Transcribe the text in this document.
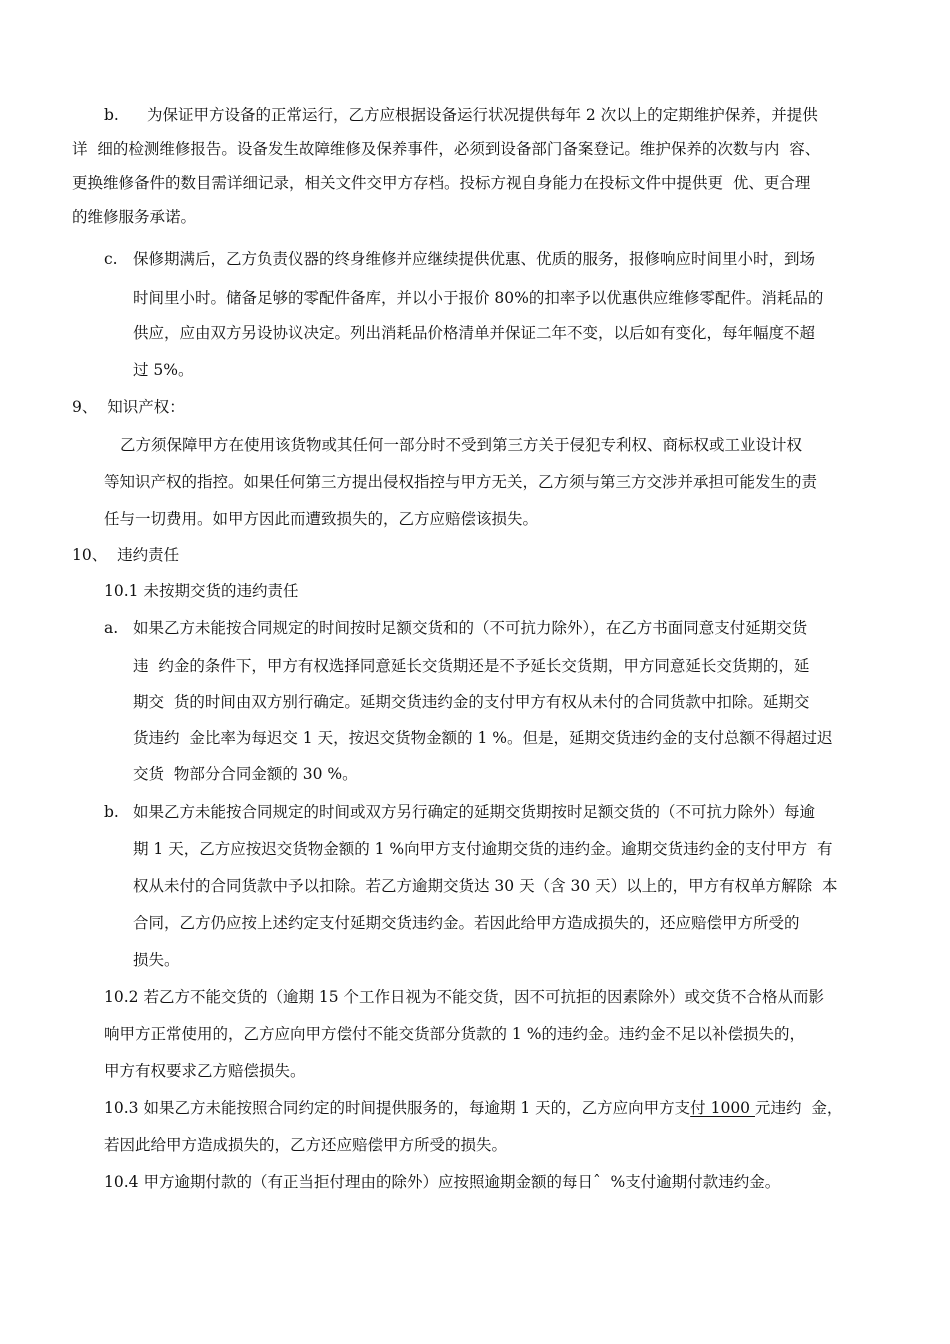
b. 为保证甲方设备的正常运行，乙方应根据设备运行状况提供每年 2 次以上的定期维护保养，并提供
详  细的检测维修报告。设备发生故障维修及保养事件，必须到设备部门备案登记。维护保养的次数与内  容、
更换维修备件的数目需详细记录，相关文件交甲方存档。投标方视自身能力在投标文件中提供更  优、更合理
的维修服务承诺。
c. 保修期满后，乙方负责仪器的终身维修并应继续提供优惠、优质的服务，报修响应时间里小时，到场
时间里小时。储备足够的零配件备库，并以小于报价 80%的扣率予以优惠供应维修零配件。消耗品的
供应，应由双方另设协议决定。列出消耗品价格清单并保证二年不变，以后如有变化，每年幅度不超
过 5%。
9、  知识产权：
乙方须保障甲方在使用该货物或其任何一部分时不受到第三方关于侵犯专利权、商标权或工业设计权
等知识产权的指控。如果任何第三方提出侵权指控与甲方无关，乙方须与第三方交涉并承担可能发生的责
任与一切费用。如甲方因此而遭致损失的，乙方应赔偿该损失。
10、  违约责任
10.1 未按期交货的违约责任
a. 如果乙方未能按合同规定的时间按时足额交货和的（不可抗力除外），在乙方书面同意支付延期交货
违  约金的条件下，甲方有权选择同意延长交货期还是不予延长交货期，甲方同意延长交货期的，延
期交  货的时间由双方别行确定。延期交货违约金的支付甲方有权从未付的合同货款中扣除。延期交
货违约  金比率为每迟交 1 天，按迟交货物金额的 1 %。但是，延期交货违约金的支付总额不得超过迟
交货  物部分合同金额的 30 %。
b. 如果乙方未能按合同规定的时间或双方另行确定的延期交货期按时足额交货的（不可抗力除外）每逾
期 1 天，乙方应按迟交货物金额的 1 %向甲方支付逾期交货的违约金。逾期交货违约金的支付甲方  有
权从未付的合同货款中予以扣除。若乙方逾期交货达 30 天（含 30 天）以上的，甲方有权单方解除  本
合同，乙方仍应按上述约定支付延期交货违约金。若因此给甲方造成损失的，还应赔偿甲方所受的
损失。
10.2 若乙方不能交货的（逾期 15 个工作日视为不能交货，因不可抗拒的因素除外）或交货不合格从而影
响甲方正常使用的，乙方应向甲方偿付不能交货部分货款的 1 %的违约金。违约金不足以补偿损失的，
甲方有权要求乙方赔偿损失。
10.3 如果乙方未能按照合同约定的时间提供服务的，每逾期 1 天的，乙方应向甲方支付 1000 元违约  金，
若因此给甲方造成损失的，乙方还应赔偿甲方所受的损失。
10.4 甲方逾期付款的（有正当拒付理由的除外）应按照逾期金额的每日ˆ  %支付逾期付款违约金。
